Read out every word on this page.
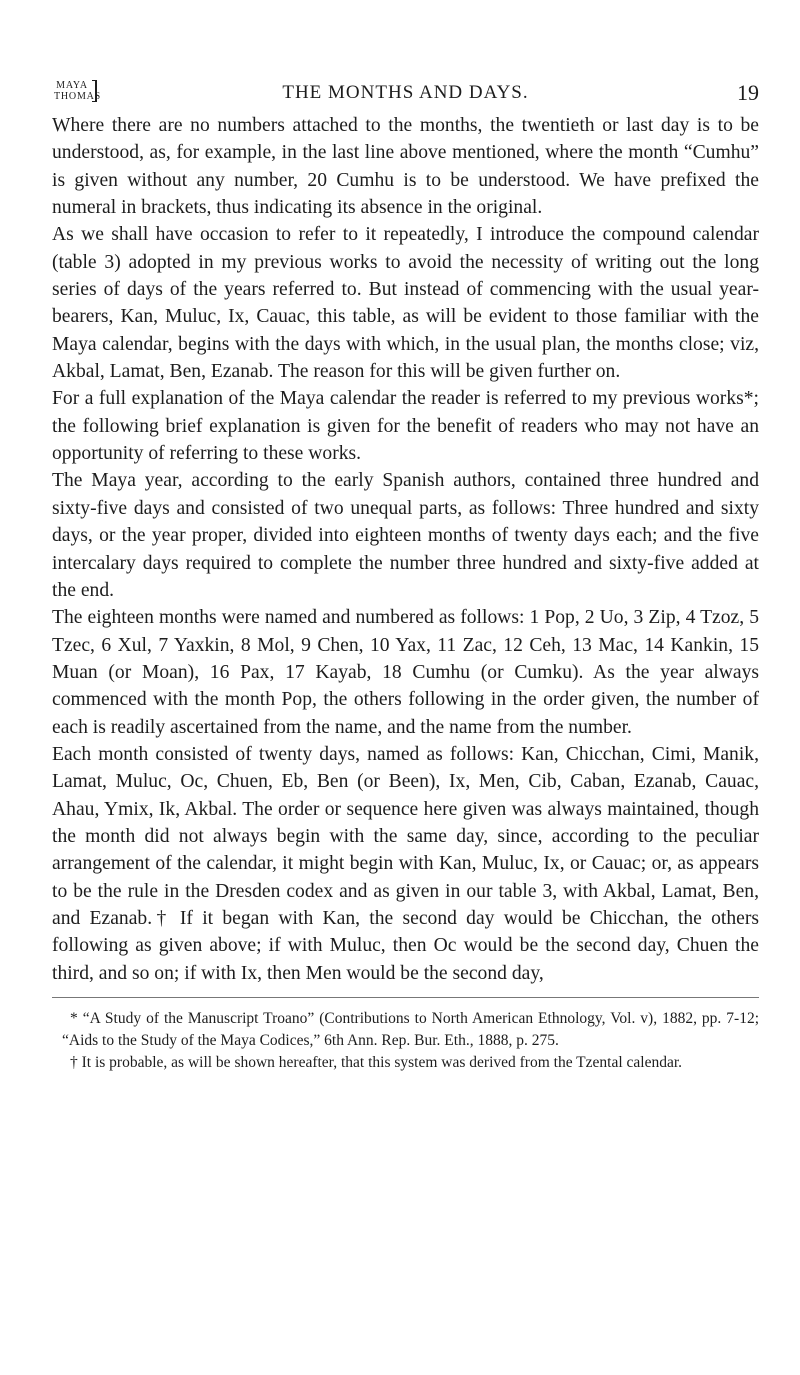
MAYA
THOMAS	THE MONTHS AND DAYS.	19

Where there are no numbers attached to the months, the twentieth or last day is to be understood, as, for example, in the last line above mentioned, where the month “Cumhu” is given without any number, 20 Cumhu is to be understood. We have prefixed the numeral in brackets, thus indicating its absence in the original.

As we shall have occasion to refer to it repeatedly, I introduce the compound calendar (table 3) adopted in my previous works to avoid the necessity of writing out the long series of days of the years referred to. But instead of commencing with the usual year-bearers, Kan, Muluc, Ix, Cauac, this table, as will be evident to those familiar with the Maya calendar, begins with the days with which, in the usual plan, the months close; viz, Akbal, Lamat, Ben, Ezanab. The reason for this will be given further on.

For a full explanation of the Maya calendar the reader is referred to my previous works*; the following brief explanation is given for the benefit of readers who may not have an opportunity of referring to these works.

The Maya year, according to the early Spanish authors, contained three hundred and sixty-five days and consisted of two unequal parts, as follows: Three hundred and sixty days, or the year proper, divided into eighteen months of twenty days each; and the five intercalary days required to complete the number three hundred and sixty-five added at the end.

The eighteen months were named and numbered as follows: 1 Pop, 2 Uo, 3 Zip, 4 Tzoz, 5 Tzec, 6 Xul, 7 Yaxkin, 8 Mol, 9 Chen, 10 Yax, 11 Zac, 12 Ceh, 13 Mac, 14 Kankin, 15 Muan (or Moan), 16 Pax, 17 Kayab, 18 Cumhu (or Cumku). As the year always commenced with the month Pop, the others following in the order given, the number of each is readily ascertained from the name, and the name from the number.

Each month consisted of twenty days, named as follows: Kan, Chicchan, Cimi, Manik, Lamat, Muluc, Oc, Chuen, Eb, Ben (or Been), Ix, Men, Cib, Caban, Ezanab, Cauac, Ahau, Ymix, Ik, Akbal. The order or sequence here given was always maintained, though the month did not always begin with the same day, since, according to the peculiar arrangement of the calendar, it might begin with Kan, Muluc, Ix, or Cauac; or, as appears to be the rule in the Dresden codex and as given in our table 3, with Akbal, Lamat, Ben, and Ezanab.† If it began with Kan, the second day would be Chicchan, the others following as given above; if with Muluc, then Oc would be the second day, Chuen the third, and so on; if with Ix, then Men would be the second day,

* “A Study of the Manuscript Troano” (Contributions to North American Ethnology, Vol. v), 1882, pp. 7-12; “Aids to the Study of the Maya Codices,” 6th Ann. Rep. Bur. Eth., 1888, p. 275.

† It is probable, as will be shown hereafter, that this system was derived from the Tzental calendar.
